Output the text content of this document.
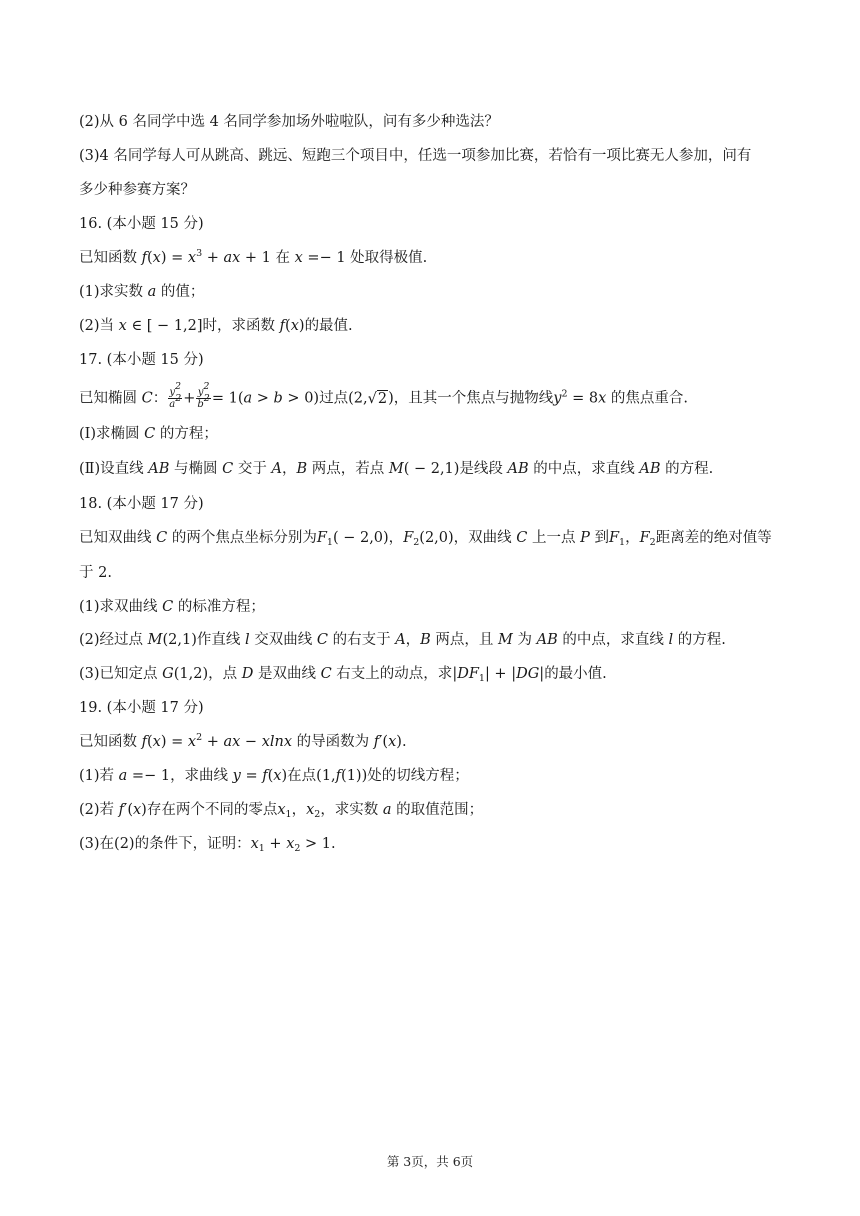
(2)从 6 名同学中选 4 名同学参加场外啦啦队，问有多少种选法？
(3)4 名同学每人可从跳高、跳远、短跑三个项目中，任选一项参加比赛，若恰有一项比赛无人参加，问有
多少种参赛方案？
16. (本小题 15 分)
已知函数 $f(x) = x^3$ + ax + 1 在 x =− 1 处取得极值.
(1)求实数 a 的值；
(2)当 x ∈ [ − 1,2]时，求函数 f(x)的最值.
17. (本小题 15 分)
已知椭圆 C： $\frac{y^2}{a^2} + \frac{y^2}{b^2} = 1(a > b > 0)$过点(2,√2)，且其一个焦点与抛物线$y^2 = 8x$ 的焦点重合.
(Ⅰ)求椭圆 C 的方程；
(Ⅱ)设直线 AB 与椭圆 C 交于 A，B 两点，若点 M( − 2,1)是线段 AB 的中点，求直线 AB 的方程.
18. (本小题 17 分)
已知双曲线 C 的两个焦点坐标分别为$F_1( - 2,0)$，$F_2(2,0)$，双曲线 C 上一点 P 到$F_1$，$F_2$距离差的绝对值等
于 2.
(1)求双曲线 C 的标准方程；
(2)经过点 M(2,1)作直线 l 交双曲线 C 的右支于 A，B 两点，且 M 为 AB 的中点，求直线 l 的方程.
(3)已知定点 G(1,2)，点 D 是双曲线 C 右支上的动点，求$|DF_1| + |DG|$的最小值.
19. (本小题 17 分)
已知函数 $f(x) = x^2$ + ax − xlnx 的导函数为 f′(x).
(1)若 a =− 1，求曲线 y = f(x)在点(1,f(1))处的切线方程；
(2)若 f′(x)存在两个不同的零点$x_1$，$x_2$，求实数 a 的取值范围；
(3)在(2)的条件下，证明：$x_1 + x_2 > 1$.
第 3页，共 6页
